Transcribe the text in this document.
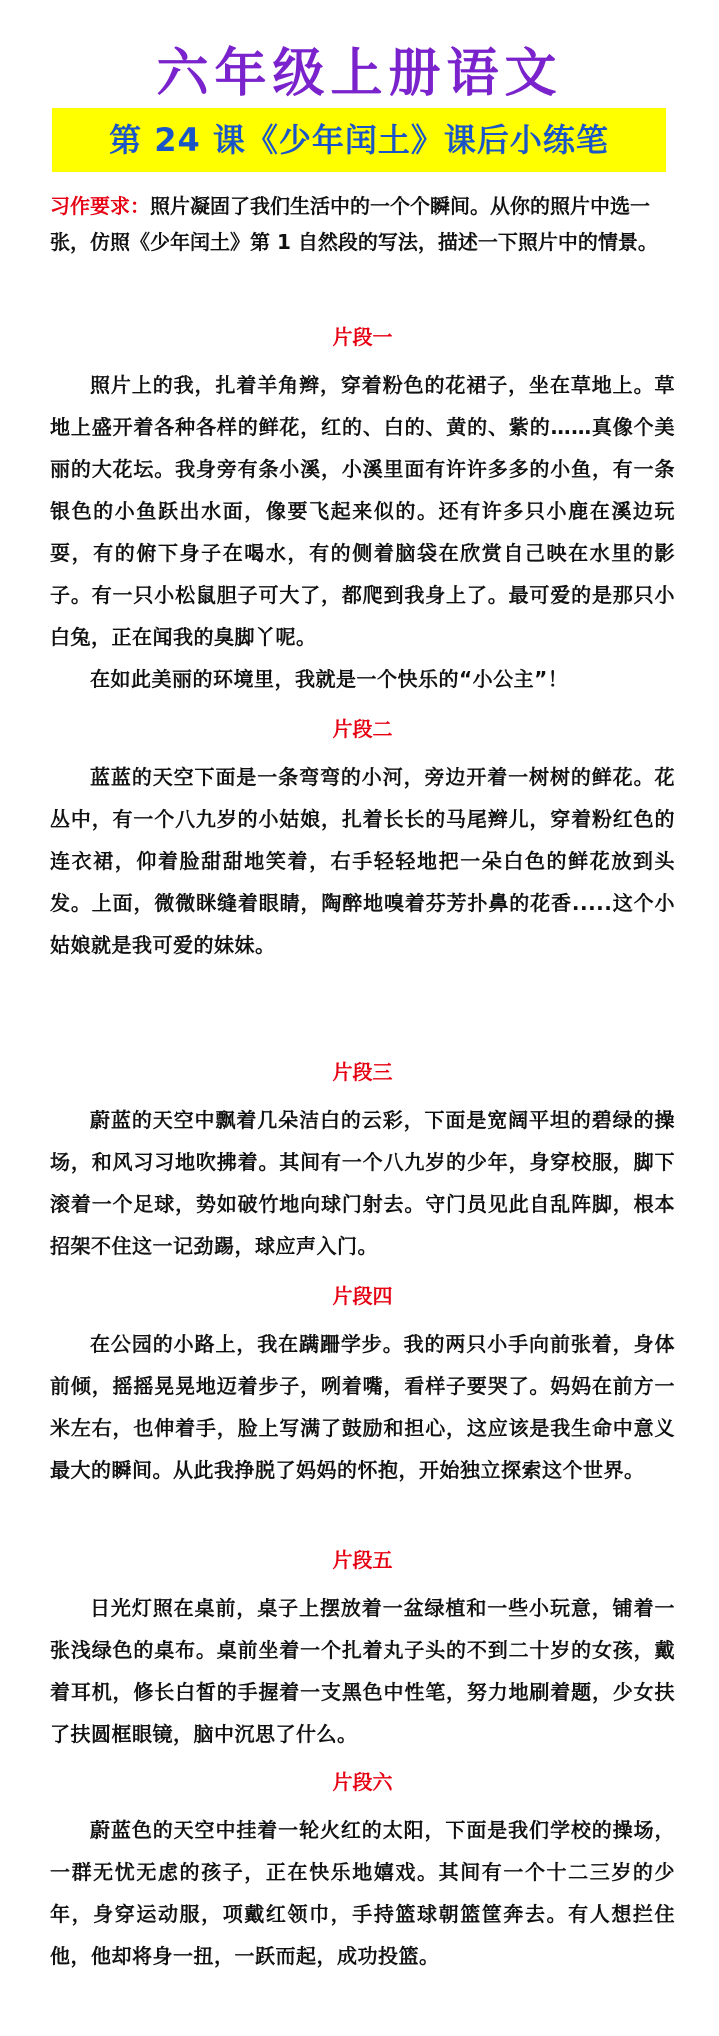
六年级上册语文
第 24 课《少年闰土》课后小练笔

习作要求：照片凝固了我们生活中的一个个瞬间。从你的照片中选一张，仿照《少年闰土》第 1 自然段的写法，描述一下照片中的情景。

片段一

照片上的我，扎着羊角辫，穿着粉色的花裙子，坐在草地上。草地上盛开着各种各样的鲜花，红的、白的、黄的、紫的……真像个美丽的大花坛。我身旁有条小溪，小溪里面有许许多多的小鱼，有一条银色的小鱼跃出水面，像要飞起来似的。还有许多只小鹿在溪边玩耍，有的俯下身子在喝水，有的侧着脑袋在欣赏自己映在水里的影子。有一只小松鼠胆子可大了，都爬到我身上了。最可爱的是那只小白兔，正在闻我的臭脚丫呢。

在如此美丽的环境里，我就是一个快乐的“小公主”！

片段二

蓝蓝的天空下面是一条弯弯的小河，旁边开着一树树的鲜花。花丛中，有一个八九岁的小姑娘，扎着长长的马尾辫儿，穿着粉红色的连衣裙，仰着脸甜甜地笑着，右手轻轻地把一朵白色的鲜花放到头发。上面，微微眯缝着眼睛，陶醉地嗅着芬芳扑鼻的花香.....这个小姑娘就是我可爱的妹妹。

片段三

蔚蓝的天空中飘着几朵洁白的云彩，下面是宽阔平坦的碧绿的操场，和风习习地吹拂着。其间有一个八九岁的少年，身穿校服，脚下滚着一个足球，势如破竹地向球门射去。守门员见此自乱阵脚，根本招架不住这一记劲踢，球应声入门。

片段四

在公园的小路上，我在蹒跚学步。我的两只小手向前张着，身体前倾，摇摇晃晃地迈着步子，咧着嘴，看样子要哭了。妈妈在前方一米左右，也伸着手，脸上写满了鼓励和担心，这应该是我生命中意义最大的瞬间。从此我挣脱了妈妈的怀抱，开始独立探索这个世界。

片段五

日光灯照在桌前，桌子上摆放着一盆绿植和一些小玩意，铺着一张浅绿色的桌布。桌前坐着一个扎着丸子头的不到二十岁的女孩，戴着耳机，修长白皙的手握着一支黑色中性笔，努力地刷着题，少女扶了扶圆框眼镜，脑中沉思了什么。

片段六

蔚蓝色的天空中挂着一轮火红的太阳，下面是我们学校的操场，一群无忧无虑的孩子，正在快乐地嬉戏。其间有一个十二三岁的少年，身穿运动服，项戴红领巾，手持篮球朝篮筐奔去。有人想拦住他，他却将身一扭，一跃而起，成功投篮。
